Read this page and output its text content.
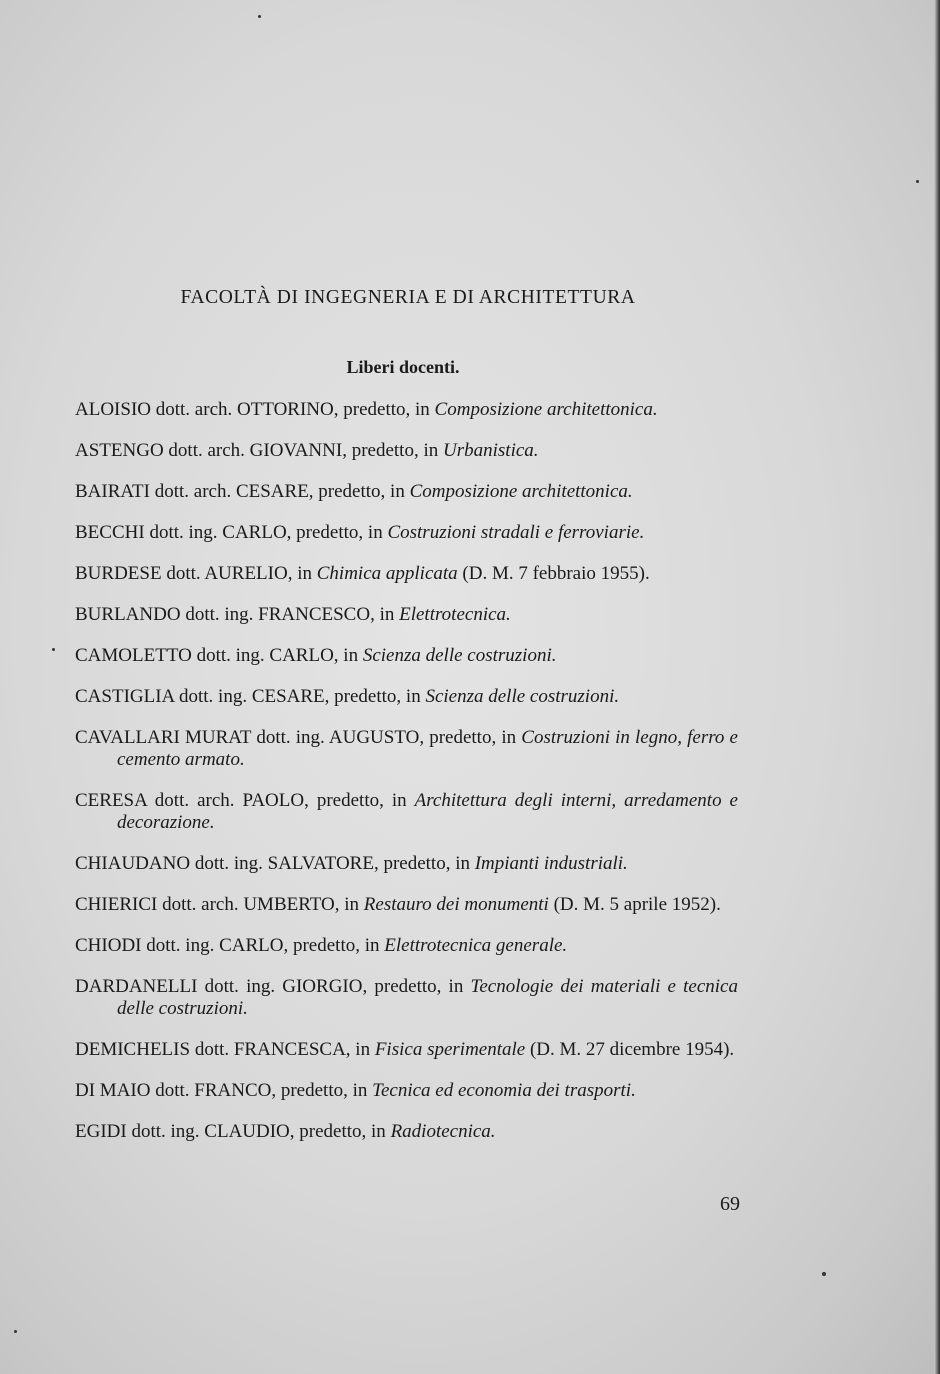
FACOLTÀ DI INGEGNERIA E DI ARCHITETTURA
Liberi docenti.

ALOISIO dott. arch. OTTORINO, predetto, in Composizione architettonica.

ASTENGO dott. arch. GIOVANNI, predetto, in Urbanistica.

BAIRATI dott. arch. CESARE, predetto, in Composizione architettonica.

BECCHI dott. ing. CARLO, predetto, in Costruzioni stradali e ferroviarie.

BURDESE dott. AURELIO, in Chimica applicata (D. M. 7 febbraio 1955).

BURLANDO dott. ing. FRANCESCO, in Elettrotecnica.

CAMOLETTO dott. ing. CARLO, in Scienza delle costruzioni.

CASTIGLIA dott. ing. CESARE, predetto, in Scienza delle costruzioni.

CAVALLARI MURAT dott. ing. AUGUSTO, predetto, in Costruzioni in legno, ferro e cemento armato.

CERESA dott. arch. PAOLO, predetto, in Architettura degli interni, arredamento e decorazione.

CHIAUDANO dott. ing. SALVATORE, predetto, in Impianti industriali.

CHIERICI dott. arch. UMBERTO, in Restauro dei monumenti (D. M. 5 aprile 1952).

CHIODI dott. ing. CARLO, predetto, in Elettrotecnica generale.

DARDANELLI dott. ing. GIORGIO, predetto, in Tecnologie dei materiali e tecnica delle costruzioni.

DEMICHELIS dott. FRANCESCA, in Fisica sperimentale (D. M. 27 dicembre 1954).

DI MAIO dott. FRANCO, predetto, in Tecnica ed economia dei trasporti.

EGIDI dott. ing. CLAUDIO, predetto, in Radiotecnica.

69
